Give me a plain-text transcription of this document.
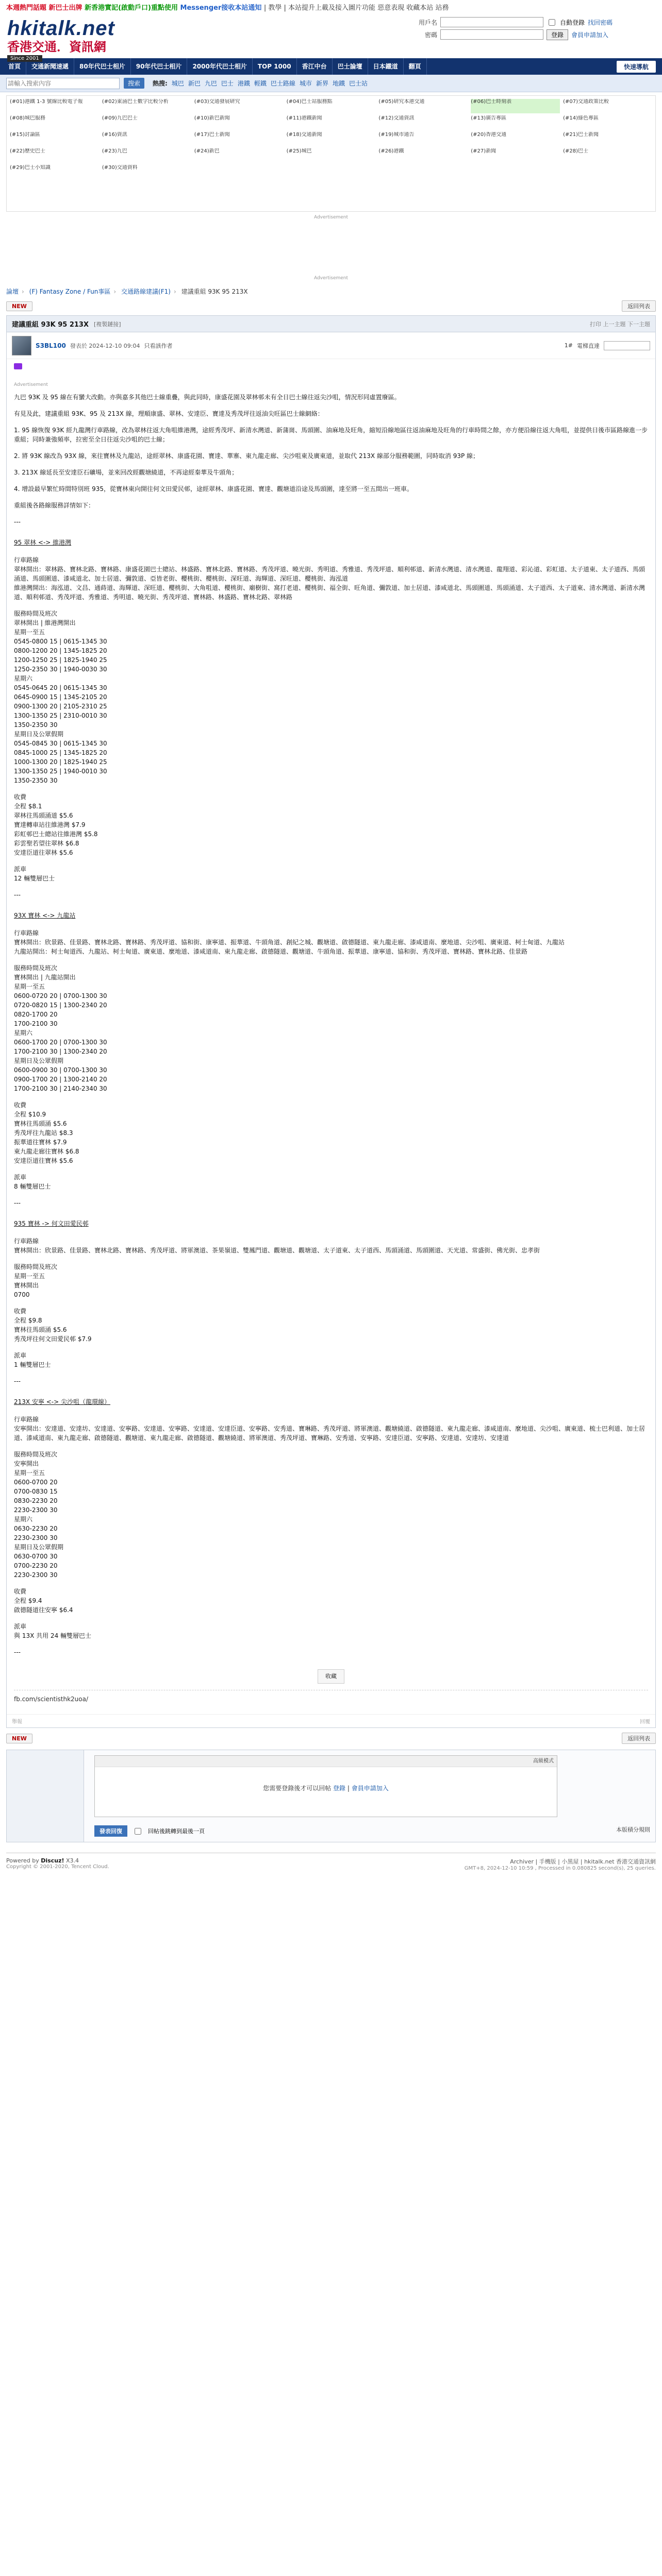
本週熱門話題 新巴士出牌 新香港實記(啟動戶口)重點使用 Messenger接收本站通知 | 教學 | 本站提升上載及接入圖片功能 惡意表現 收藏本站 站務
hkitalk.net
香港交通．資訊網
Since 2001
用戶名	自動登錄 找回密碼
密碼	登錄	會員申請加入
首頁	交通新聞速遞	80年代巴士相片	90年代巴士相片	2000年代巴士相片	TOP 1000	香江中台	巴士論壇	日本鐵道	翻頁	快速導航
請輸入搜索內容
搜索	熱搜: 城巴 新巴 九巴 巴士 港鐵 輕鐵 巴士路線 城市 新界 地鐵 巴士站
(#01)港鐵 1-3 號線比較電子報	(#02)東涌巴士數字比較分析	(#03)交通發展研究	(#04)巴士站服務點	(#05)研究本港交通	(#06)巴士時刻表	(#07)交通政策比較
(#08)城巴服務	(#09)九巴巴士	(#10)新巴新聞	(#11)港鐵新聞	(#12)交通資訊	(#13)廣告專區	(#14)綠色專區
(#15)討論區	(#16)資訊	(#17)巴士新聞	(#18)交通新聞	(#19)城市通告	(#20)香港交通	(#21)巴士新聞
(#22)歷史巴士	(#23)九巴	(#24)新巴	(#25)城巴	(#26)港鐵	(#27)新聞	(#28)巴士
(#29)巴士小知識	(#30)交通資料
Advertisement
Advertisement
論壇 › (F) Fantasy Zone / Fun事區 › 交通路線建議(F1) › 建議重組 93K 95 213X
NEW	返回列表
建議重組 93K 95 213X [複製鏈接]	打印 上一主題 下一主題
S3BL100 發表於 2024-12-10 09:04 只看該作者	1# 電梯直達
Advertisement

九巴 93K 及 95 線在有蠻大改動。亦與嘉多其他巴士線重疊，與此同時，康盛花園及翠林邨未有全日巴士線往返尖沙咀，情況形同虛置廢區。

有見及此，建議重組 93K、95 及 213X 線，理順康盛、翠林、安達臣、寶達及秀茂坪往返油尖旺區巴士線網絡：

1. 95 線恢復 93K 經九龍灣行車路線，改為翠林往返大角咀維港灣，途經秀茂坪、新清水灣道、新蒲崗、馬頭圍、油麻地及旺角，縮短沿線地區往返油麻地及旺角的行車時間之餘，亦方便沿線往返大角咀，並提供日後市區路線進一步重組；同時兼強頻率，拉密至全日往返尖沙咀的巴士線；

2. 將 93K 線改為 93X 線，來往寶林及九龍站，途經翠林、康盛花園、寶達、華寨、東九龍走廊、尖沙咀東及廣東道，並取代 213X 線部分服務範圍，同時取消 93P 線；

3. 213X 線延長至安達臣石礦場，並來回改經觀塘繞道，不再途經秦華及牛頭角；

4. 增設最早繁忙時間特別班 935，從寶林東向開往何文田愛民邨，途經翠林、康盛花園、寶達、觀塘道沿途及馬頭圍，達至將一至五間出一班車。

重組後各路線服務詳情如下：

---
95 翠林 <-> 維港灣
行車路線
翠林開出：翠林路、寶林北路、寶林路、康盛花園巴士總站、林盛路、寶林北路、寶林路、秀茂坪道、曉光街、秀明道、秀雅道、秀茂坪道、順利邨道、新清水灣道、清水灣道、龍翔道、彩沁道、彩虹道、太子道東、太子道西、馬頭涌道、馬頭圍道、漆咸道北、加士居道、彌敦道、亞皆老街、櫻桃街、櫻桃街、深旺道、海輝道、深旺道、櫻桃街、海泓道
維港灣開出：海泓道、文昌、通蒔道、海輝道、深旺道、櫻桃街、大角咀道、櫻桃街、廟樹街、窩打老道、櫻桃街、福全街、旺角道、彌敦道、加士居道、漆咸道北、馬頭圍道、馬頭涌道、太子道西、太子道東、清水灣道、新清水灣道、順利邨道、秀茂坪道、秀雅道、秀明道、曉光街、秀茂坪道、寶林路、林盛路、寶林北路、翠林路
服務時間及班次
翠林開出 | 維港灣開出
星期一至五
0545-0800 15 | 0615-1345 30
0800-1200 20 | 1345-1825 20
1200-1250 25 | 1825-1940 25
1250-2350 30 | 1940-0030 30
星期六
0545-0645 20 | 0615-1345 30
0645-0900 15 | 1345-2105 20
0900-1300 20 | 2105-2310 25
1300-1350 25 | 2310-0010 30
1350-2350 30
星期日及公眾假期
0545-0845 30 | 0615-1345 30
0845-1000 25 | 1345-1825 20
1000-1300 20 | 1825-1940 25
1300-1350 25 | 1940-0010 30
1350-2350 30
收費
全程 $8.1
翠林往馬頭涌道 $5.6
寶達轉車站往維港灣 $7.9
彩虹邨巴士總站往維港灣 $5.8
彩雲聖若望往翠林 $6.8
安達臣道往翠林 $5.6
派車
12 輛雙層巴士
---
93X 寶林 <-> 九龍站
行車路線
寶林開出：欣景路、佳景路、寶林北路、寶林路、秀茂坪道、協和街、康寧道、振華道、牛頭角道、創紀之城、觀塘道、啟德隧道、東九龍走廊、漆咸道南、麼地道、尖沙咀、廣東道、柯士甸道、九龍站
九龍站開出：柯士甸道西、九龍站、柯士甸道、廣東道、麼地道、漆咸道南、東九龍走廊、啟德隧道、觀塘道、牛頭角道、振華道、康寧道、協和街、秀茂坪道、寶林路、寶林北路、佳景路
服務時間及班次
寶林開出 | 九龍站開出
星期一至五
0600-0720 20 | 0700-1300 30
0720-0820 15 | 1300-2340 20
0820-1700 20
1700-2100 30
星期六
0600-1700 20 | 0700-1300 30
1700-2100 30 | 1300-2340 20
星期日及公眾假期
0600-0900 30 | 0700-1300 30
0900-1700 20 | 1300-2140 20
1700-2100 30 | 2140-2340 30
收費
全程 $10.9
寶林往馬頭涌 $5.6
秀茂坪往九龍站 $8.3
振華道往寶林 $7.9
東九龍走廊往寶林 $6.8
安達臣道往寶林 $5.6
派車
8 輛雙層巴士
---
935 寶林 -> 何文田愛民邨
行車路線
寶林開出：欣景路、佳景路、寶林北路、寶林路、秀茂坪道、將軍澳道、茶果嶺道、雙鳳門道、觀塘道、觀塘道、太子道東、太子道西、馬頭涌道、馬頭圍道、天光道、常盛街、佛光街、忠孝街
服務時間及班次
星期一至五
寶林開出
0700
收費
全程 $9.8
寶林往馬頭涌 $5.6
秀茂坪往何文田愛民邨 $7.9
派車
1 輛雙層巴士
---
213X 安寧 <-> 尖沙咀（龍環線）
行車路線
安寧開出：安達道、安達坊、安達道、安寧路、安達道、安寧路、安達道、安達臣道、安寧路、安秀道、寶琳路、秀茂坪道、將軍澳道、觀塘繞道、啟德隧道、東九龍走廊、漆咸道南、麼地道、尖沙咀、廣東道、梳士巴利道、加士居道、漆咸道南、東九龍走廊、啟德隧道、觀塘道、東九龍走廊、啟德隧道、觀塘繞道、將軍澳道、秀茂坪道、寶琳路、安秀道、安寧路、安達臣道、安寧路、安達道、安達坊、安達道
服務時間及班次
安寧開出
星期一至五
0600-0700 20
0700-0830 15
0830-2230 20
2230-2300 30
星期六
0630-2230 20
2230-2300 30
星期日及公眾假期
0630-0700 30
0700-2230 20
2230-2300 30
收費
全程 $9.4
啟德隧道往安寧 $6.4
派車
與 13X 共用 24 輛雙層巴士
---
收藏
fb.com/scientisthk2uoa/
舉報	回覆
NEW	返回列表
高級模式
您需要登錄後才可以回帖 登錄 | 會員申請加入
發表回復	回帖後跳轉到最後一頁	本版積分規則
Powered by Discuz! X3.4
Copyright © 2001-2020, Tencent Cloud.
Archiver | 手機版 | 小黑屋 | hkitalk.net 香港交通資訊網
GMT+8, 2024-12-10 10:59 , Processed in 0.080825 second(s), 25 queries.
